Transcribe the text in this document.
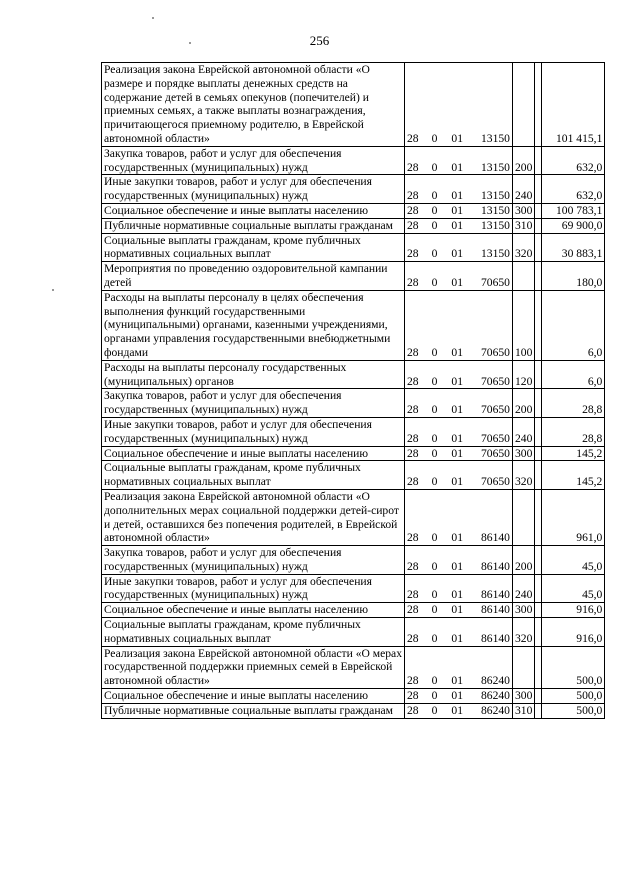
256
Реализация закона Еврейской автономной области «О размере и порядке выплаты денежных средств на содержание детей в семьях опекунов (попечителей) и приемных семьях, а также выплаты вознаграждения, причитающегося приемному родителю, в Еврейской автономной области»	28 0 01 13150			101 415,1
Закупка товаров, работ и услуг для обеспечения государственных (муниципальных) нужд	28 0 01 13150	200		632,0
Иные закупки товаров, работ и услуг для обеспечения государственных (муниципальных) нужд	28 0 01 13150	240		632,0
Социальное обеспечение и иные выплаты населению	28 0 01 13150	300		100 783,1
Публичные нормативные социальные выплаты гражданам	28 0 01 13150	310		69 900,0
Социальные выплаты гражданам, кроме публичных нормативных социальных выплат	28 0 01 13150	320		30 883,1
Мероприятия по проведению оздоровительной кампании детей	28 0 01 70650			180,0
Расходы на выплаты персоналу в целях обеспечения выполнения функций государственными (муниципальными) органами, казенными учреждениями, органами управления государственными внебюджетными фондами	28 0 01 70650	100		6,0
Расходы на выплаты персоналу государственных (муниципальных) органов	28 0 01 70650	120		6,0
Закупка товаров, работ и услуг для обеспечения государственных (муниципальных) нужд	28 0 01 70650	200		28,8
Иные закупки товаров, работ и услуг для обеспечения государственных (муниципальных) нужд	28 0 01 70650	240		28,8
Социальное обеспечение и иные выплаты населению	28 0 01 70650	300		145,2
Социальные выплаты гражданам, кроме публичных нормативных социальных выплат	28 0 01 70650	320		145,2
Реализация закона Еврейской автономной области «О дополнительных мерах социальной поддержки детей-сирот и детей, оставшихся без попечения родителей, в Еврейской автономной области»	28 0 01 86140			961,0
Закупка товаров, работ и услуг для обеспечения государственных (муниципальных) нужд	28 0 01 86140	200		45,0
Иные закупки товаров, работ и услуг для обеспечения государственных (муниципальных) нужд	28 0 01 86140	240		45,0
Социальное обеспечение и иные выплаты населению	28 0 01 86140	300		916,0
Социальные выплаты гражданам, кроме публичных нормативных социальных выплат	28 0 01 86140	320		916,0
Реализация закона Еврейской автономной области «О мерах государственной поддержки приемных семей в Еврейской автономной области»	28 0 01 86240			500,0
Социальное обеспечение и иные выплаты населению	28 0 01 86240	300		500,0
Публичные нормативные социальные выплаты гражданам	28 0 01 86240	310		500,0
